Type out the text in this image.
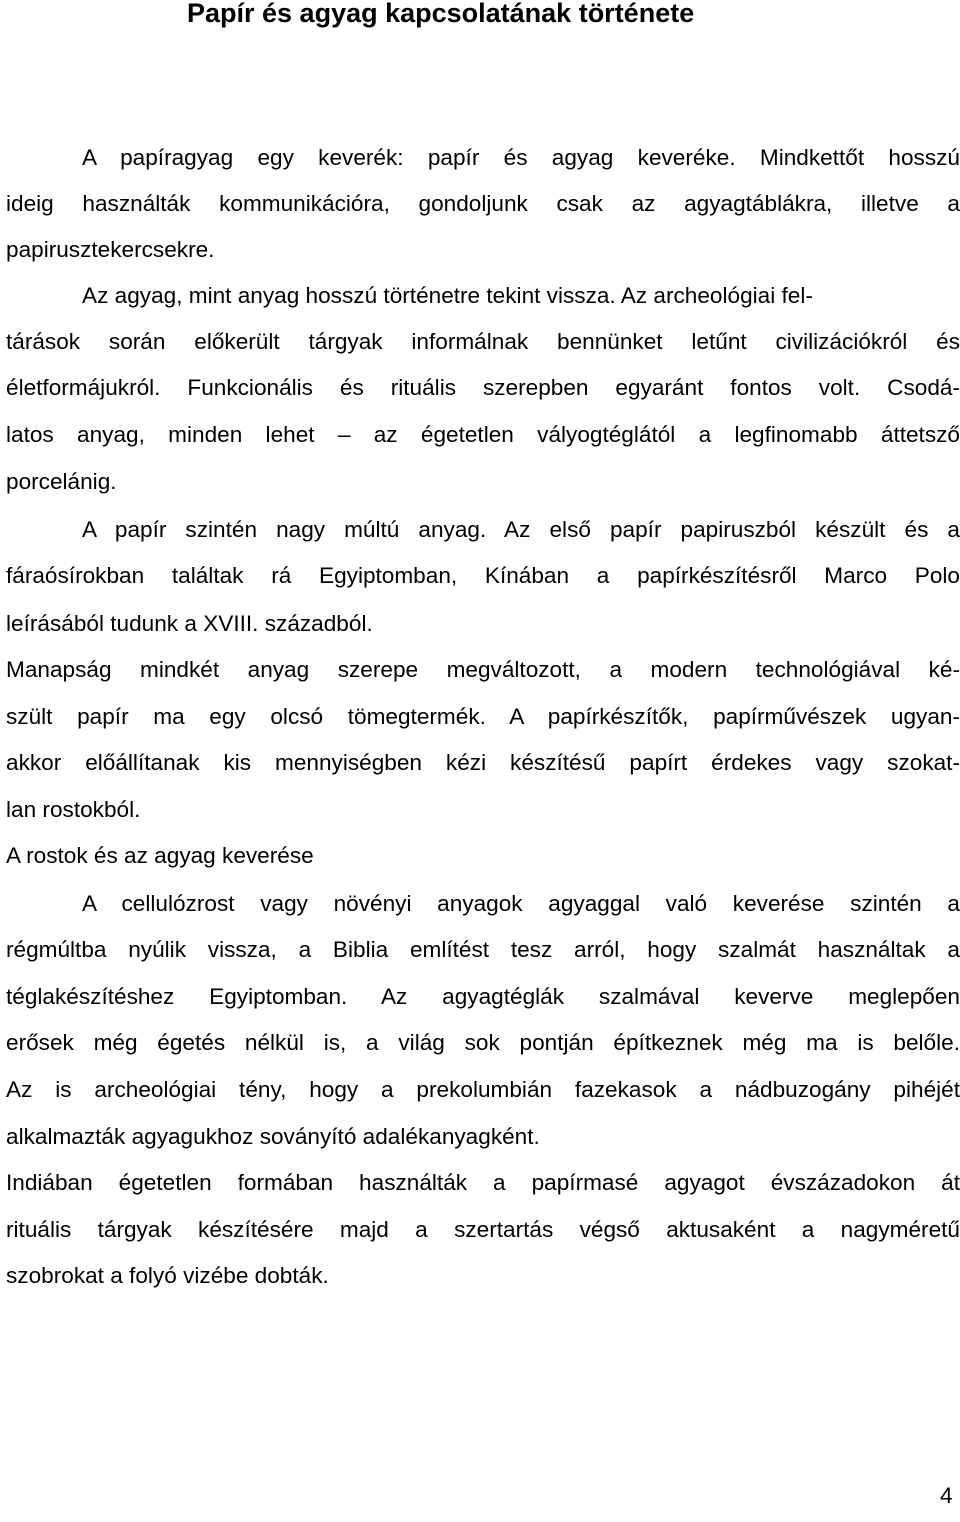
Papír és agyag kapcsolatának története

A papíragyag egy keverék: papír és agyag keveréke. Mindkettőt hosszú

ideig használták kommunikációra, gondoljunk csak az agyagtáblákra, illetve a

papirusztekercsekre.

Az agyag, mint anyag hosszú történetre tekint vissza. Az archeológiai fel-

tárások során előkerült tárgyak informálnak bennünket letűnt civilizációkról és

életformájukról. Funkcionális és rituális szerepben egyaránt fontos volt. Csodá-

latos anyag, minden lehet – az égetetlen vályogtéglától a legfinomabb áttetsző

porcelánig.

A papír szintén nagy múltú anyag. Az első papír papiruszból készült és a

fáraósírokban találtak rá Egyiptomban, Kínában a papírkészítésről Marco Polo

leírásából tudunk a XVIII. századból.

Manapság mindkét anyag szerepe megváltozott, a modern technológiával ké-

szült papír ma egy olcsó tömegtermék. A papírkészítők, papírművészek ugyan-

akkor előállítanak kis mennyiségben kézi készítésű papírt érdekes vagy szokat-

lan rostokból.

A rostok és az agyag keverése

A cellulózrost vagy növényi anyagok agyaggal való keverése szintén a

régmúltba nyúlik vissza, a Biblia említést tesz arról, hogy szalmát használtak a

téglakészítéshez Egyiptomban. Az agyagtéglák szalmával keverve meglepően

erősek még égetés nélkül is, a világ sok pontján építkeznek még ma is belőle.

Az is archeológiai tény, hogy a prekolumbián fazekasok a nádbuzogány pihéjét

alkalmazták agyagukhoz soványító adalékanyagként.

Indiában égetetlen formában használták a papírmasé agyagot évszázadokon át

rituális tárgyak készítésére majd a szertartás végső aktusaként a nagyméretű

szobrokat a folyó vizébe dobták.

4
